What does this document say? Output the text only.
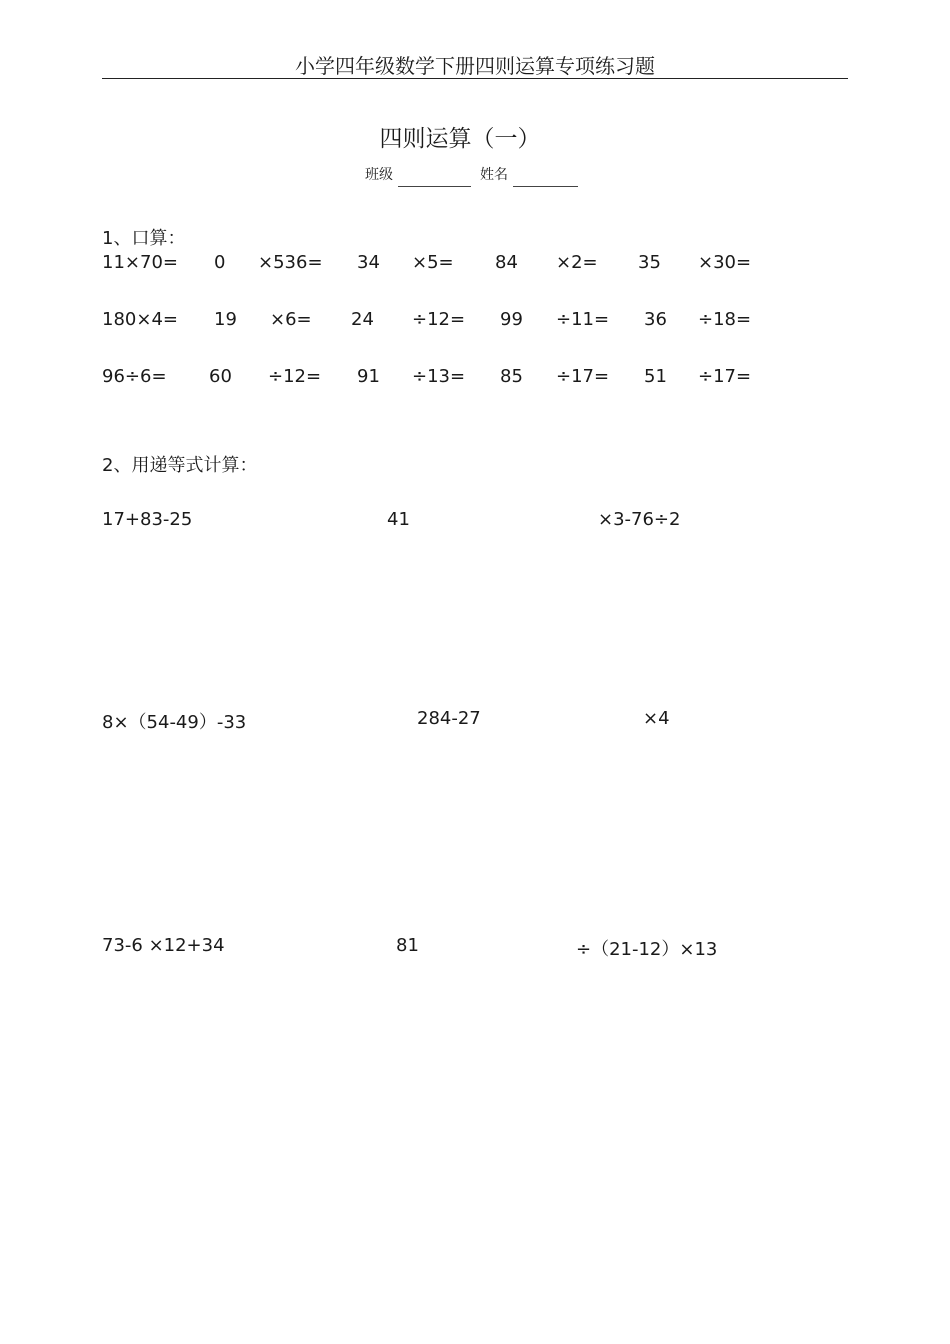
小学四年级数学下册四则运算专项练习题
四则运算（一）
班级	姓名
1、口算：
11×70= 0 ×536= 34 ×5= 84 ×2= 35 ×30=
180×4= 19 ×6= 24 ÷12= 99 ÷11= 36 ÷18=
96÷6= 60 ÷12= 91 ÷13= 85 ÷17= 51 ÷17=
2、用递等式计算：
17+83-25	41	×3-76÷2
8×（54-49）-33	284-27	×4
73-6 ×12+34	81	÷（21-12）×13
